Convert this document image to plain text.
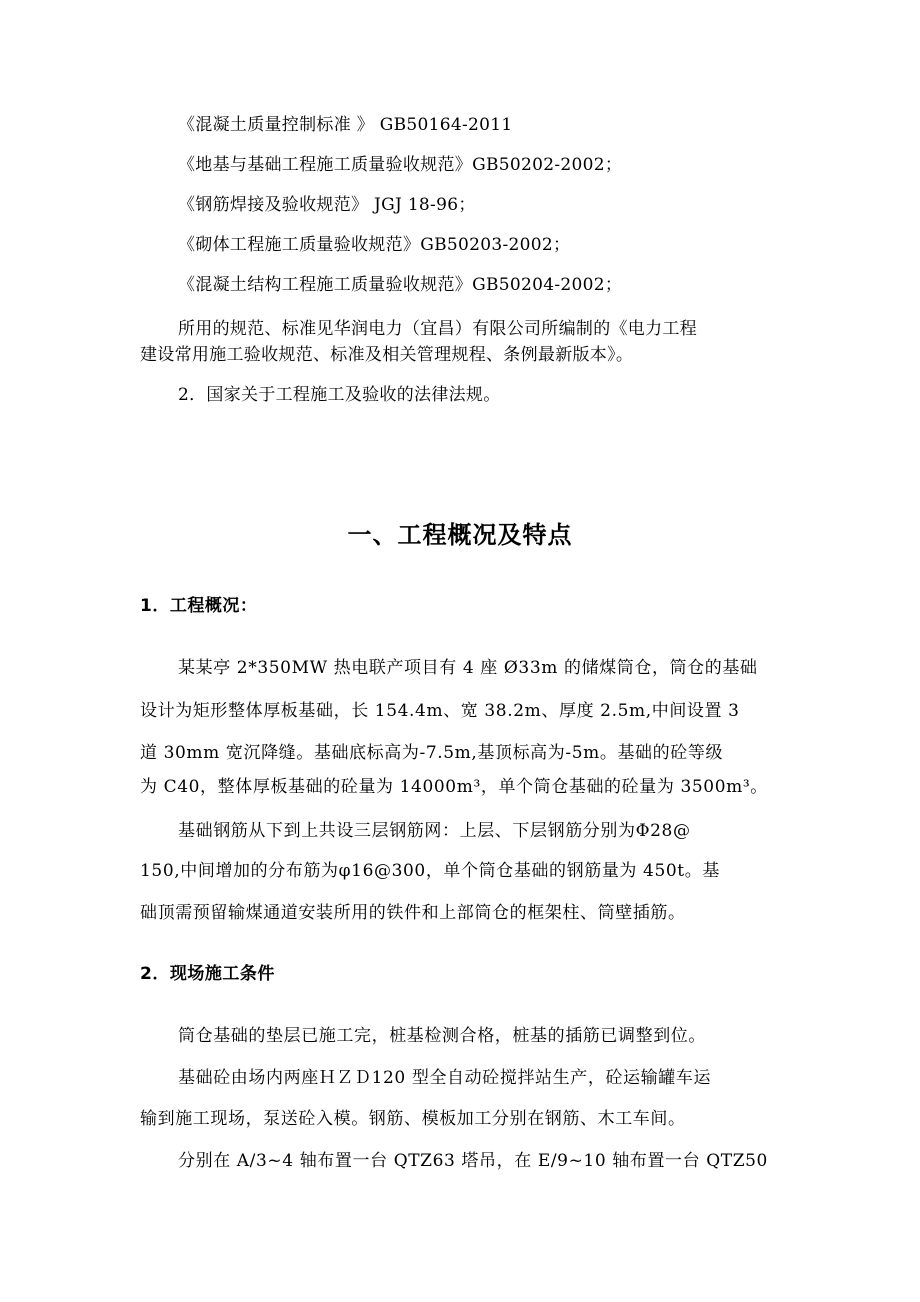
《混凝土质量控制标准 》 GB50164-2011
《地基与基础工程施工质量验收规范》GB50202-2002；
《钢筋焊接及验收规范》 JGJ 18-96；
《砌体工程施工质量验收规范》GB50203-2002；
《混凝土结构工程施工质量验收规范》GB50204-2002；
所用的规范、标准见华润电力（宜昌）有限公司所编制的《电力工程
建设常用施工验收规范、标准及相关管理规程、条例最新版本》。
2．国家关于工程施工及验收的法律法规。
一、工程概况及特点
1．工程概况：
某某亭 2*350MW 热电联产项目有 4 座 Ø33m 的储煤筒仓，筒仓的基础
设计为矩形整体厚板基础，长 154.4m、宽 38.2m、厚度 2.5m,中间设置 3
道 30mm 宽沉降缝。基础底标高为-7.5m,基顶标高为-5m。基础的砼等级
为 C40，整体厚板基础的砼量为 14000m³，单个筒仓基础的砼量为 3500m³。
基础钢筋从下到上共设三层钢筋网：上层、下层钢筋分别为Φ28@
150,中间增加的分布筋为φ16@300，单个筒仓基础的钢筋量为 450t。基
础顶需预留输煤通道安装所用的铁件和上部筒仓的框架柱、筒壁插筋。
2．现场施工条件
筒仓基础的垫层已施工完，桩基检测合格，桩基的插筋已调整到位。
基础砼由场内两座ＨＺＤ120 型全自动砼搅拌站生产，砼运输罐车运
输到施工现场，泵送砼入模。钢筋、模板加工分别在钢筋、木工车间。
分别在 A/3~4 轴布置一台 QTZ63 塔吊，在 E/9~10 轴布置一台 QTZ50
